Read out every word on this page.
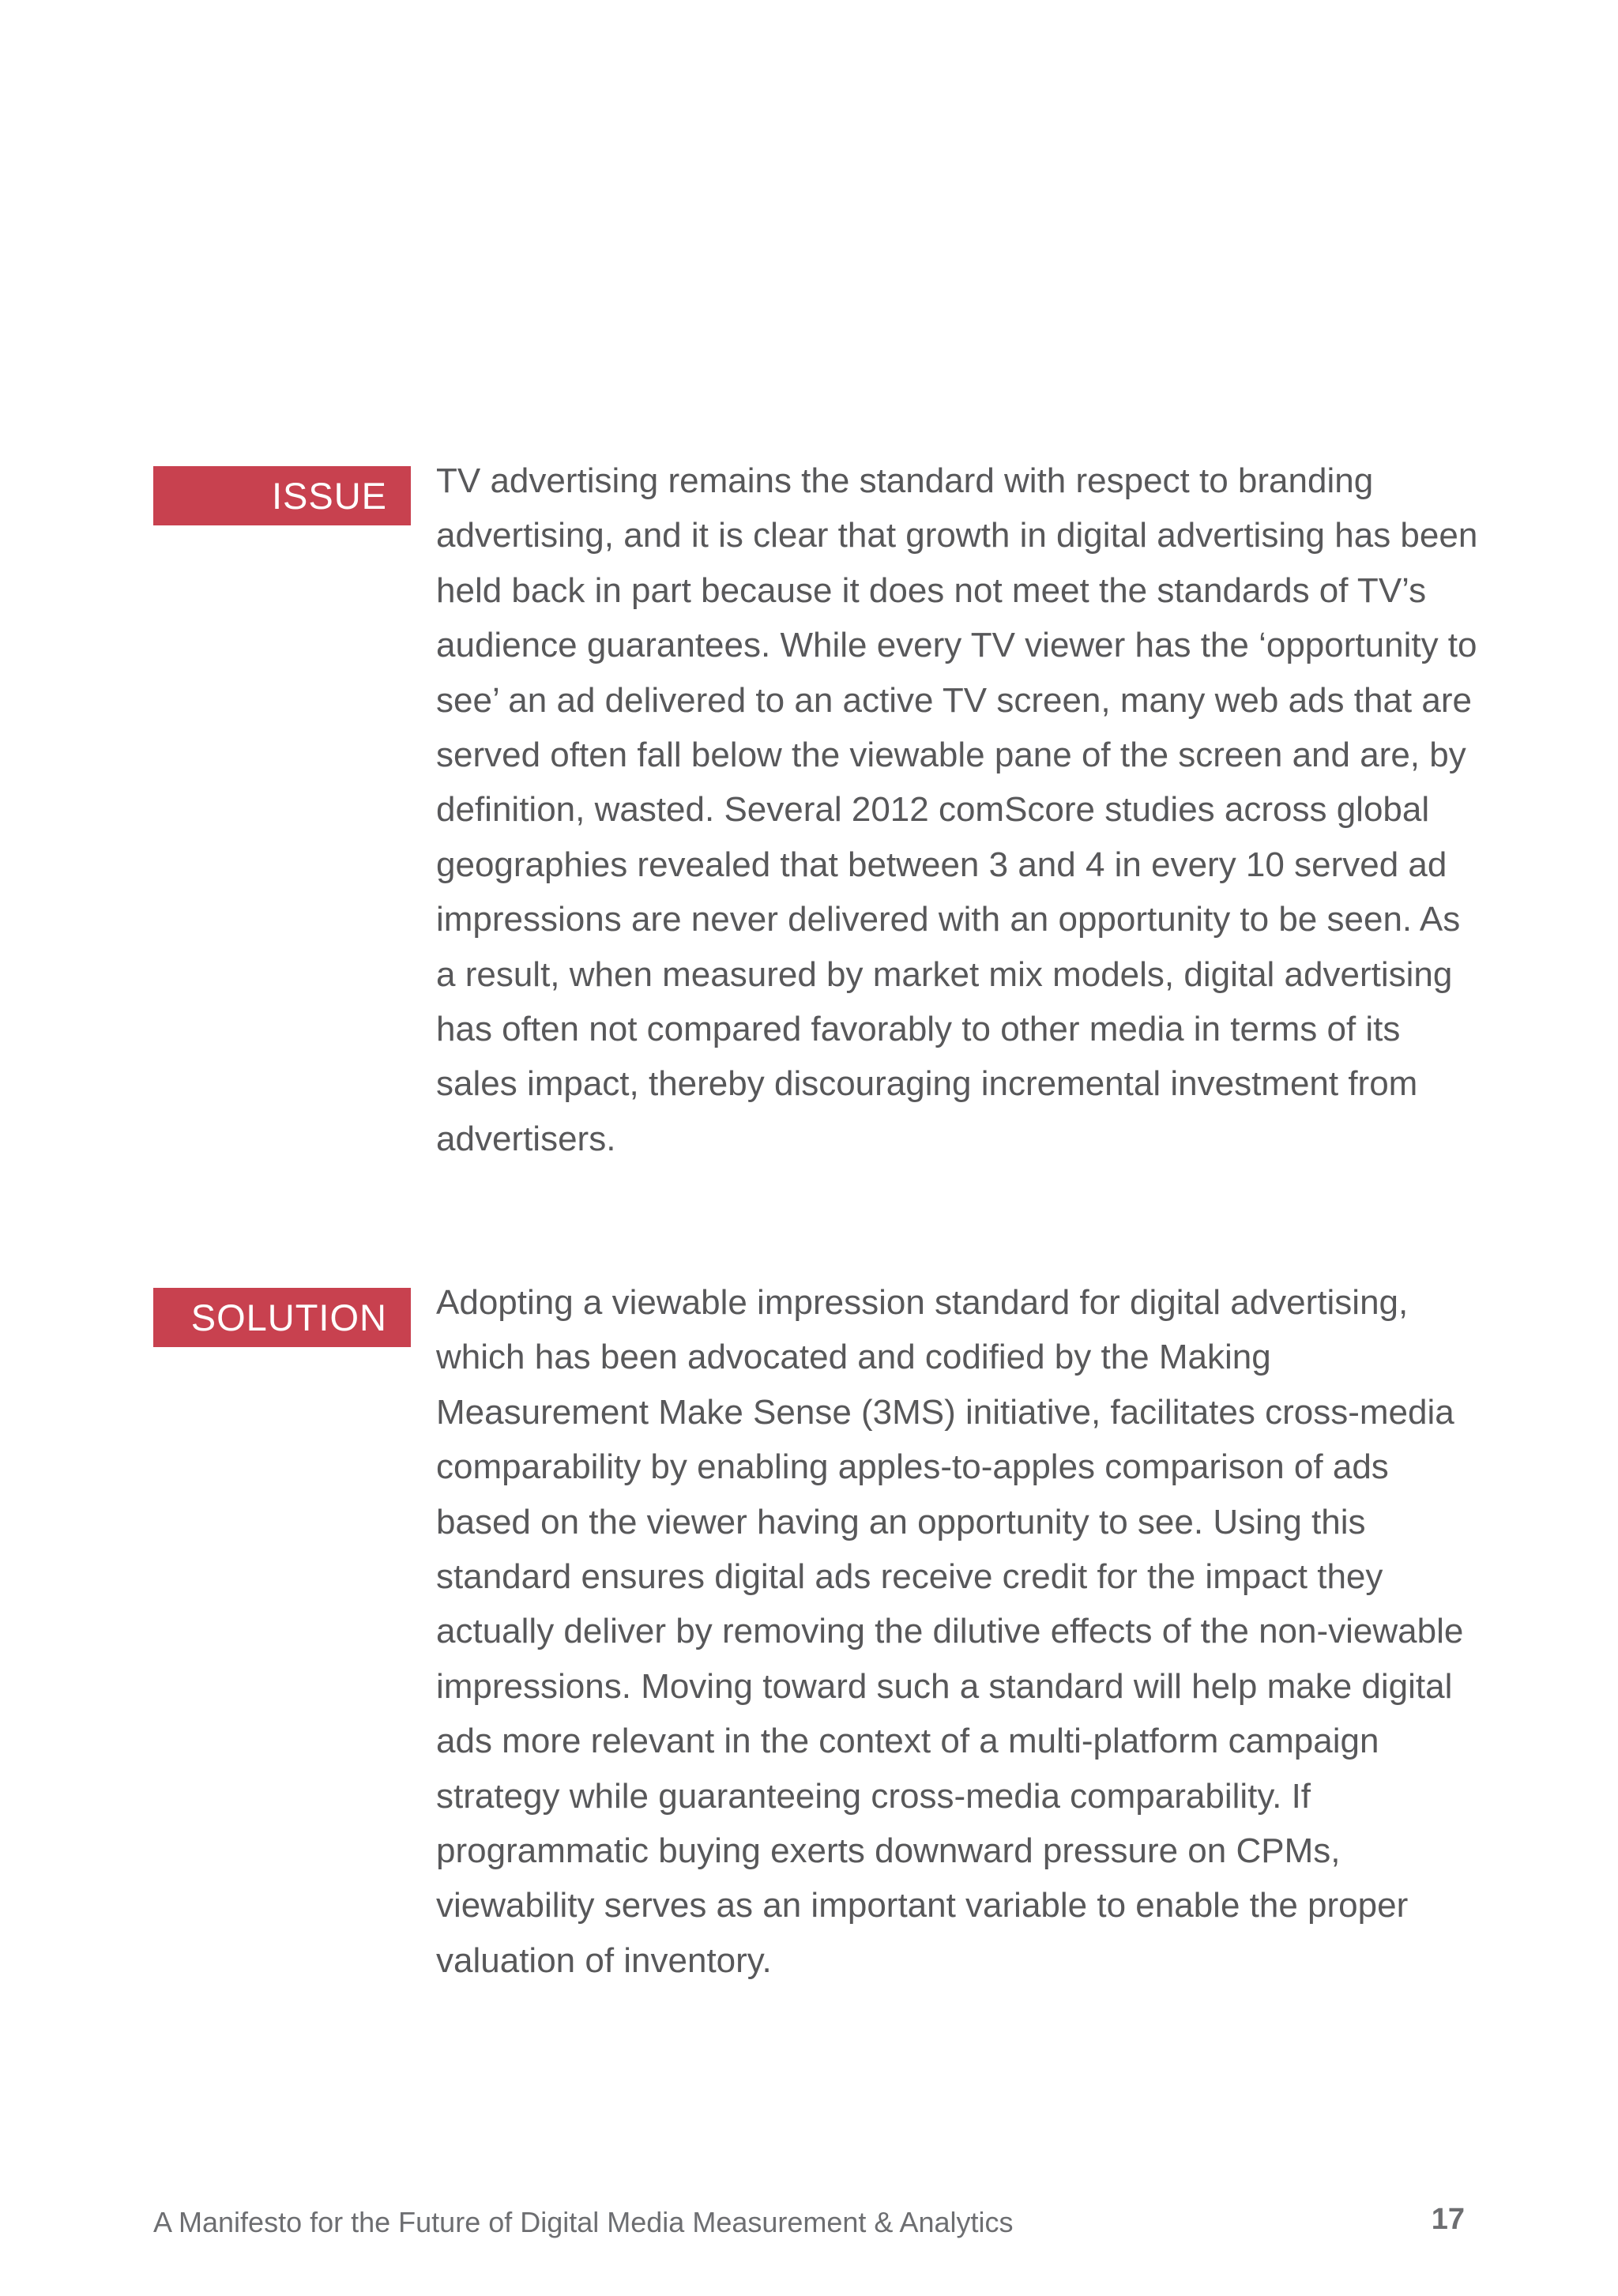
ISSUE	TV advertising remains the standard with respect to branding advertising, and it is clear that growth in digital advertising has been held back in part because it does not meet the standards of TV’s audience guarantees. While every TV viewer has the ‘opportunity to see’ an ad delivered to an active TV screen, many web ads that are served often fall below the viewable pane of the screen and are, by definition, wasted. Several 2012 comScore studies across global geographies revealed that between 3 and 4 in every 10 served ad impressions are never delivered with an opportunity to be seen. As a result, when measured by market mix models, digital advertising has often not compared favorably to other media in terms of its sales impact, thereby discouraging incremental investment from advertisers.

SOLUTION	Adopting a viewable impression standard for digital advertising, which has been advocated and codified by the Making Measurement Make Sense (3MS) initiative, facilitates cross-media comparability by enabling apples-to-apples comparison of ads based on the viewer having an opportunity to see. Using this standard ensures digital ads receive credit for the impact they actually deliver by removing the dilutive effects of the non-viewable impressions. Moving toward such a standard will help make digital ads more relevant in the context of a multi-platform campaign strategy while guaranteeing cross-media comparability. If programmatic buying exerts downward pressure on CPMs, viewability serves as an important variable to enable the proper valuation of inventory.

A Manifesto for the Future of Digital Media Measurement & Analytics	17
